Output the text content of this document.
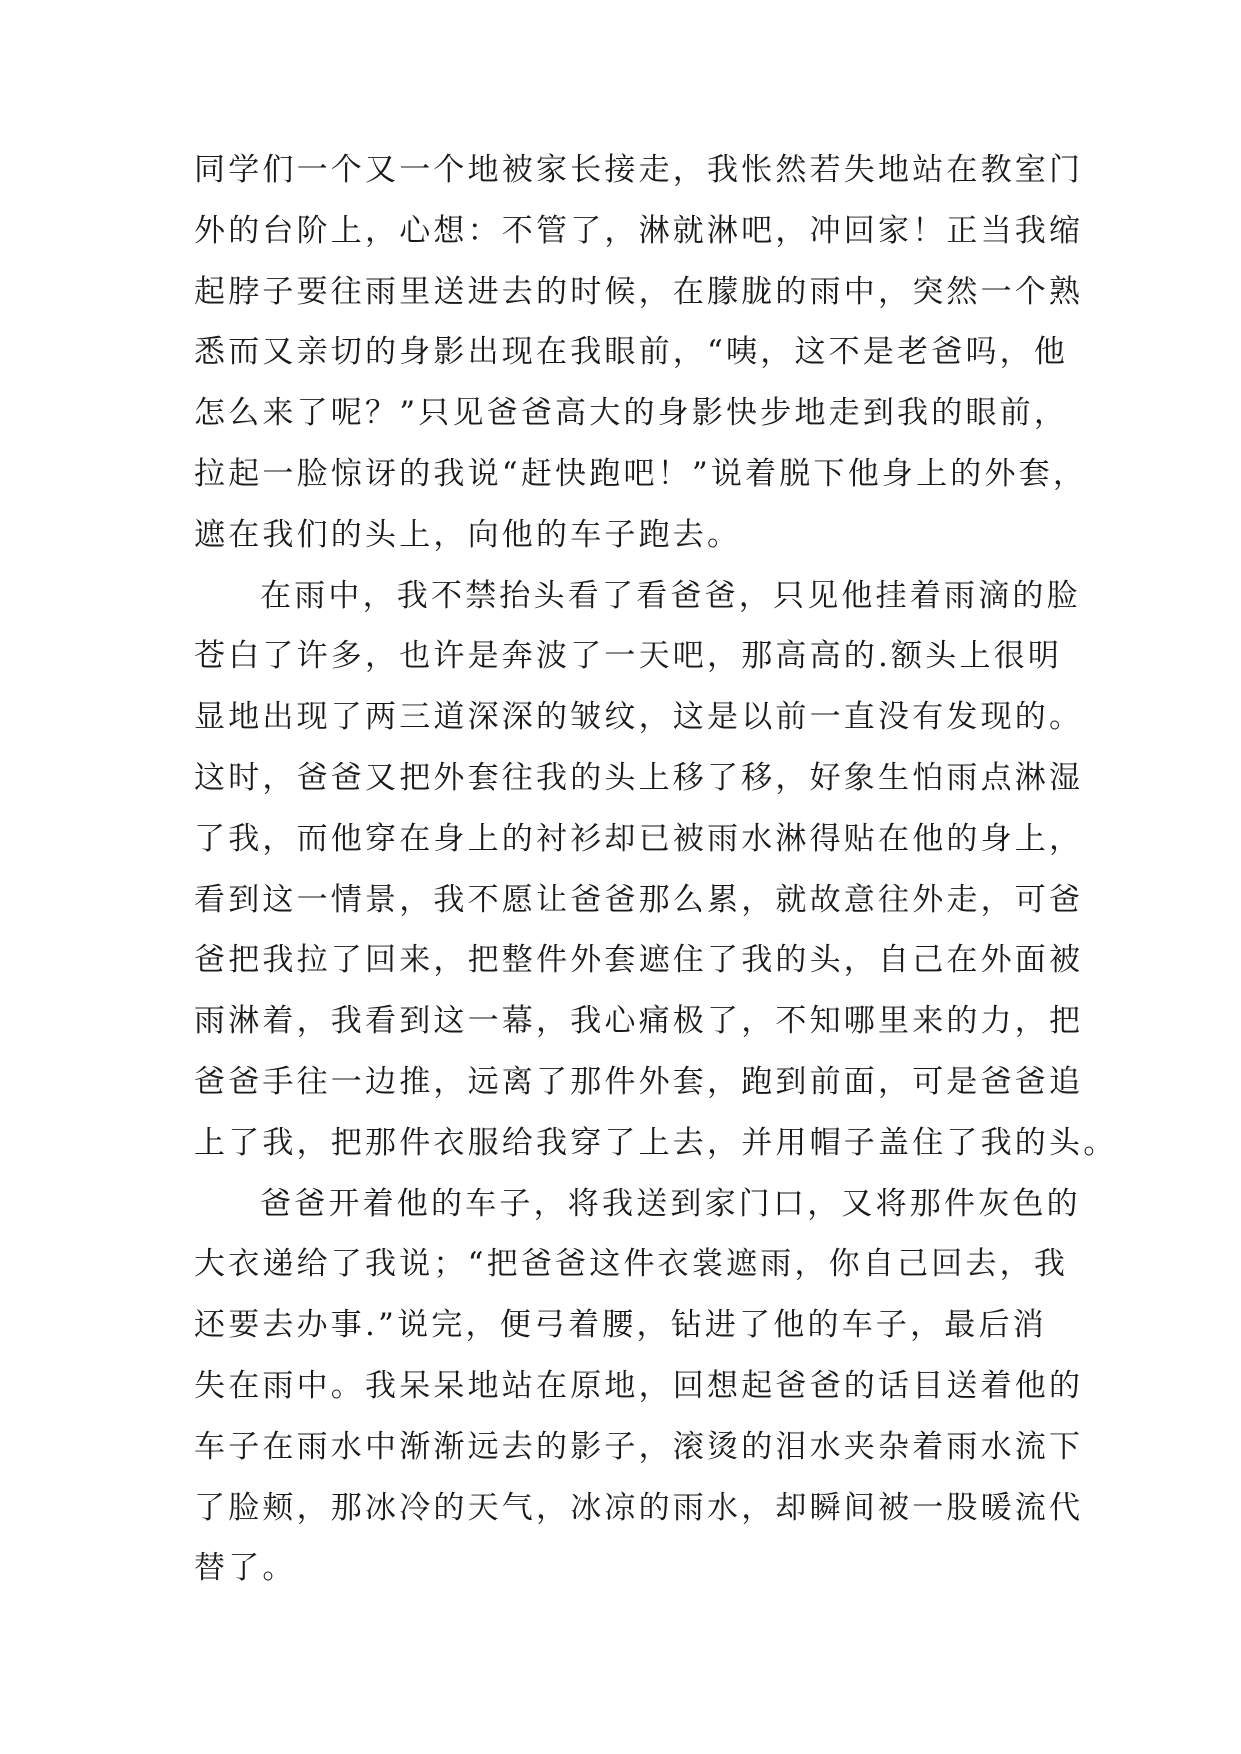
同学们一个又一个地被家长接走，我怅然若失地站在教室门
外的台阶上，心想：不管了，淋就淋吧，冲回家！正当我缩
起脖子要往雨里送进去的时候，在朦胧的雨中，突然一个熟
悉而又亲切的身影出现在我眼前，“咦，这不是老爸吗，他
怎么来了呢？”只见爸爸高大的身影快步地走到我的眼前，
拉起一脸惊讶的我说“赶快跑吧！”说着脱下他身上的外套，
遮在我们的头上，向他的车子跑去。
在雨中，我不禁抬头看了看爸爸，只见他挂着雨滴的脸
苍白了许多，也许是奔波了一天吧，那高高的.额头上很明
显地出现了两三道深深的皱纹，这是以前一直没有发现的。
这时，爸爸又把外套往我的头上移了移，好象生怕雨点淋湿
了我，而他穿在身上的衬衫却已被雨水淋得贴在他的身上，
看到这一情景，我不愿让爸爸那么累，就故意往外走，可爸
爸把我拉了回来，把整件外套遮住了我的头，自己在外面被
雨淋着，我看到这一幕，我心痛极了，不知哪里来的力，把
爸爸手往一边推，远离了那件外套，跑到前面，可是爸爸追
上了我，把那件衣服给我穿了上去，并用帽子盖住了我的头。
爸爸开着他的车子，将我送到家门口，又将那件灰色的
大衣递给了我说；“把爸爸这件衣裳遮雨，你自己回去，我
还要去办事.”说完，便弓着腰，钻进了他的车子，最后消
失在雨中。我呆呆地站在原地，回想起爸爸的话目送着他的
车子在雨水中渐渐远去的影子，滚烫的泪水夹杂着雨水流下
了脸颊，那冰冷的天气，冰凉的雨水，却瞬间被一股暖流代
替了。
